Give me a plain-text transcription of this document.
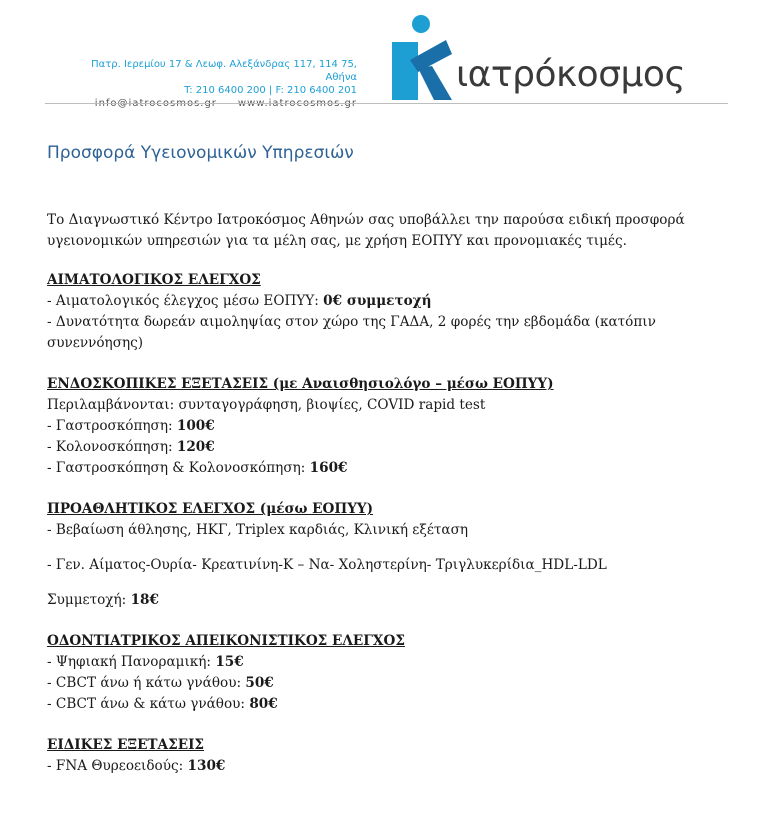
Πατρ. Ιερεμίου 17 & Λεωφ. Αλεξάνδρας 117, 114 75, Αθήνα
T: 210 6400 200 | F: 210 6400 201
	ιατρόκοσμος
Προσφορά Υγειονομικών Υπηρεσιών

Το Διαγνωστικό Κέντρο Ιατροκόσμος Αθηνών σας υποβάλλει την παρούσα ειδική προσφορά υγειονομικών υπηρεσιών για τα μέλη σας, με χρήση ΕΟΠΥΥ και προνομιακές τιμές.

ΑΙΜΑΤΟΛΟΓΙΚΟΣ ΕΛΕΓΧΟΣ

- Αιματολογικός έλεγχος μέσω ΕΟΠΥΥ: 0€ συμμετοχή

- Δυνατότητα δωρεάν αιμοληψίας στον χώρο της ΓΑΔΑ, 2 φορές την εβδομάδα (κατόπιν συνεννόησης)

ΕΝΔΟΣΚΟΠΙΚΕΣ ΕΞΕΤΑΣΕΙΣ (με Αναισθησιολόγο – μέσω ΕΟΠΥΥ)

Περιλαμβάνονται: συνταγογράφηση, βιοψίες, COVID rapid test

- Γαστροσκόπηση: 100€

- Κολονοσκόπηση: 120€

- Γαστροσκόπηση & Κολονοσκόπηση: 160€

ΠΡΟΑΘΛΗΤΙΚΟΣ ΕΛΕΓΧΟΣ (μέσω ΕΟΠΥΥ)

- Βεβαίωση άθλησης, ΗΚΓ, Triplex καρδιάς, Κλινική εξέταση

- Γεν. Αίματος-Ουρία- Κρεατινίνη-Κ – Να- Χοληστερίνη- Τριγλυκερίδια_HDL-LDL

Συμμετοχή: 18€

ΟΔΟΝΤΙΑΤΡΙΚΟΣ ΑΠΕΙΚΟΝΙΣΤΙΚΟΣ ΕΛΕΓΧΟΣ

- Ψηφιακή Πανοραμική: 15€

- CBCT άνω ή κάτω γνάθου: 50€

- CBCT άνω & κάτω γνάθου: 80€

ΕΙΔΙΚΕΣ ΕΞΕΤΑΣΕΙΣ

- FNA Θυρεοειδούς: 130€
